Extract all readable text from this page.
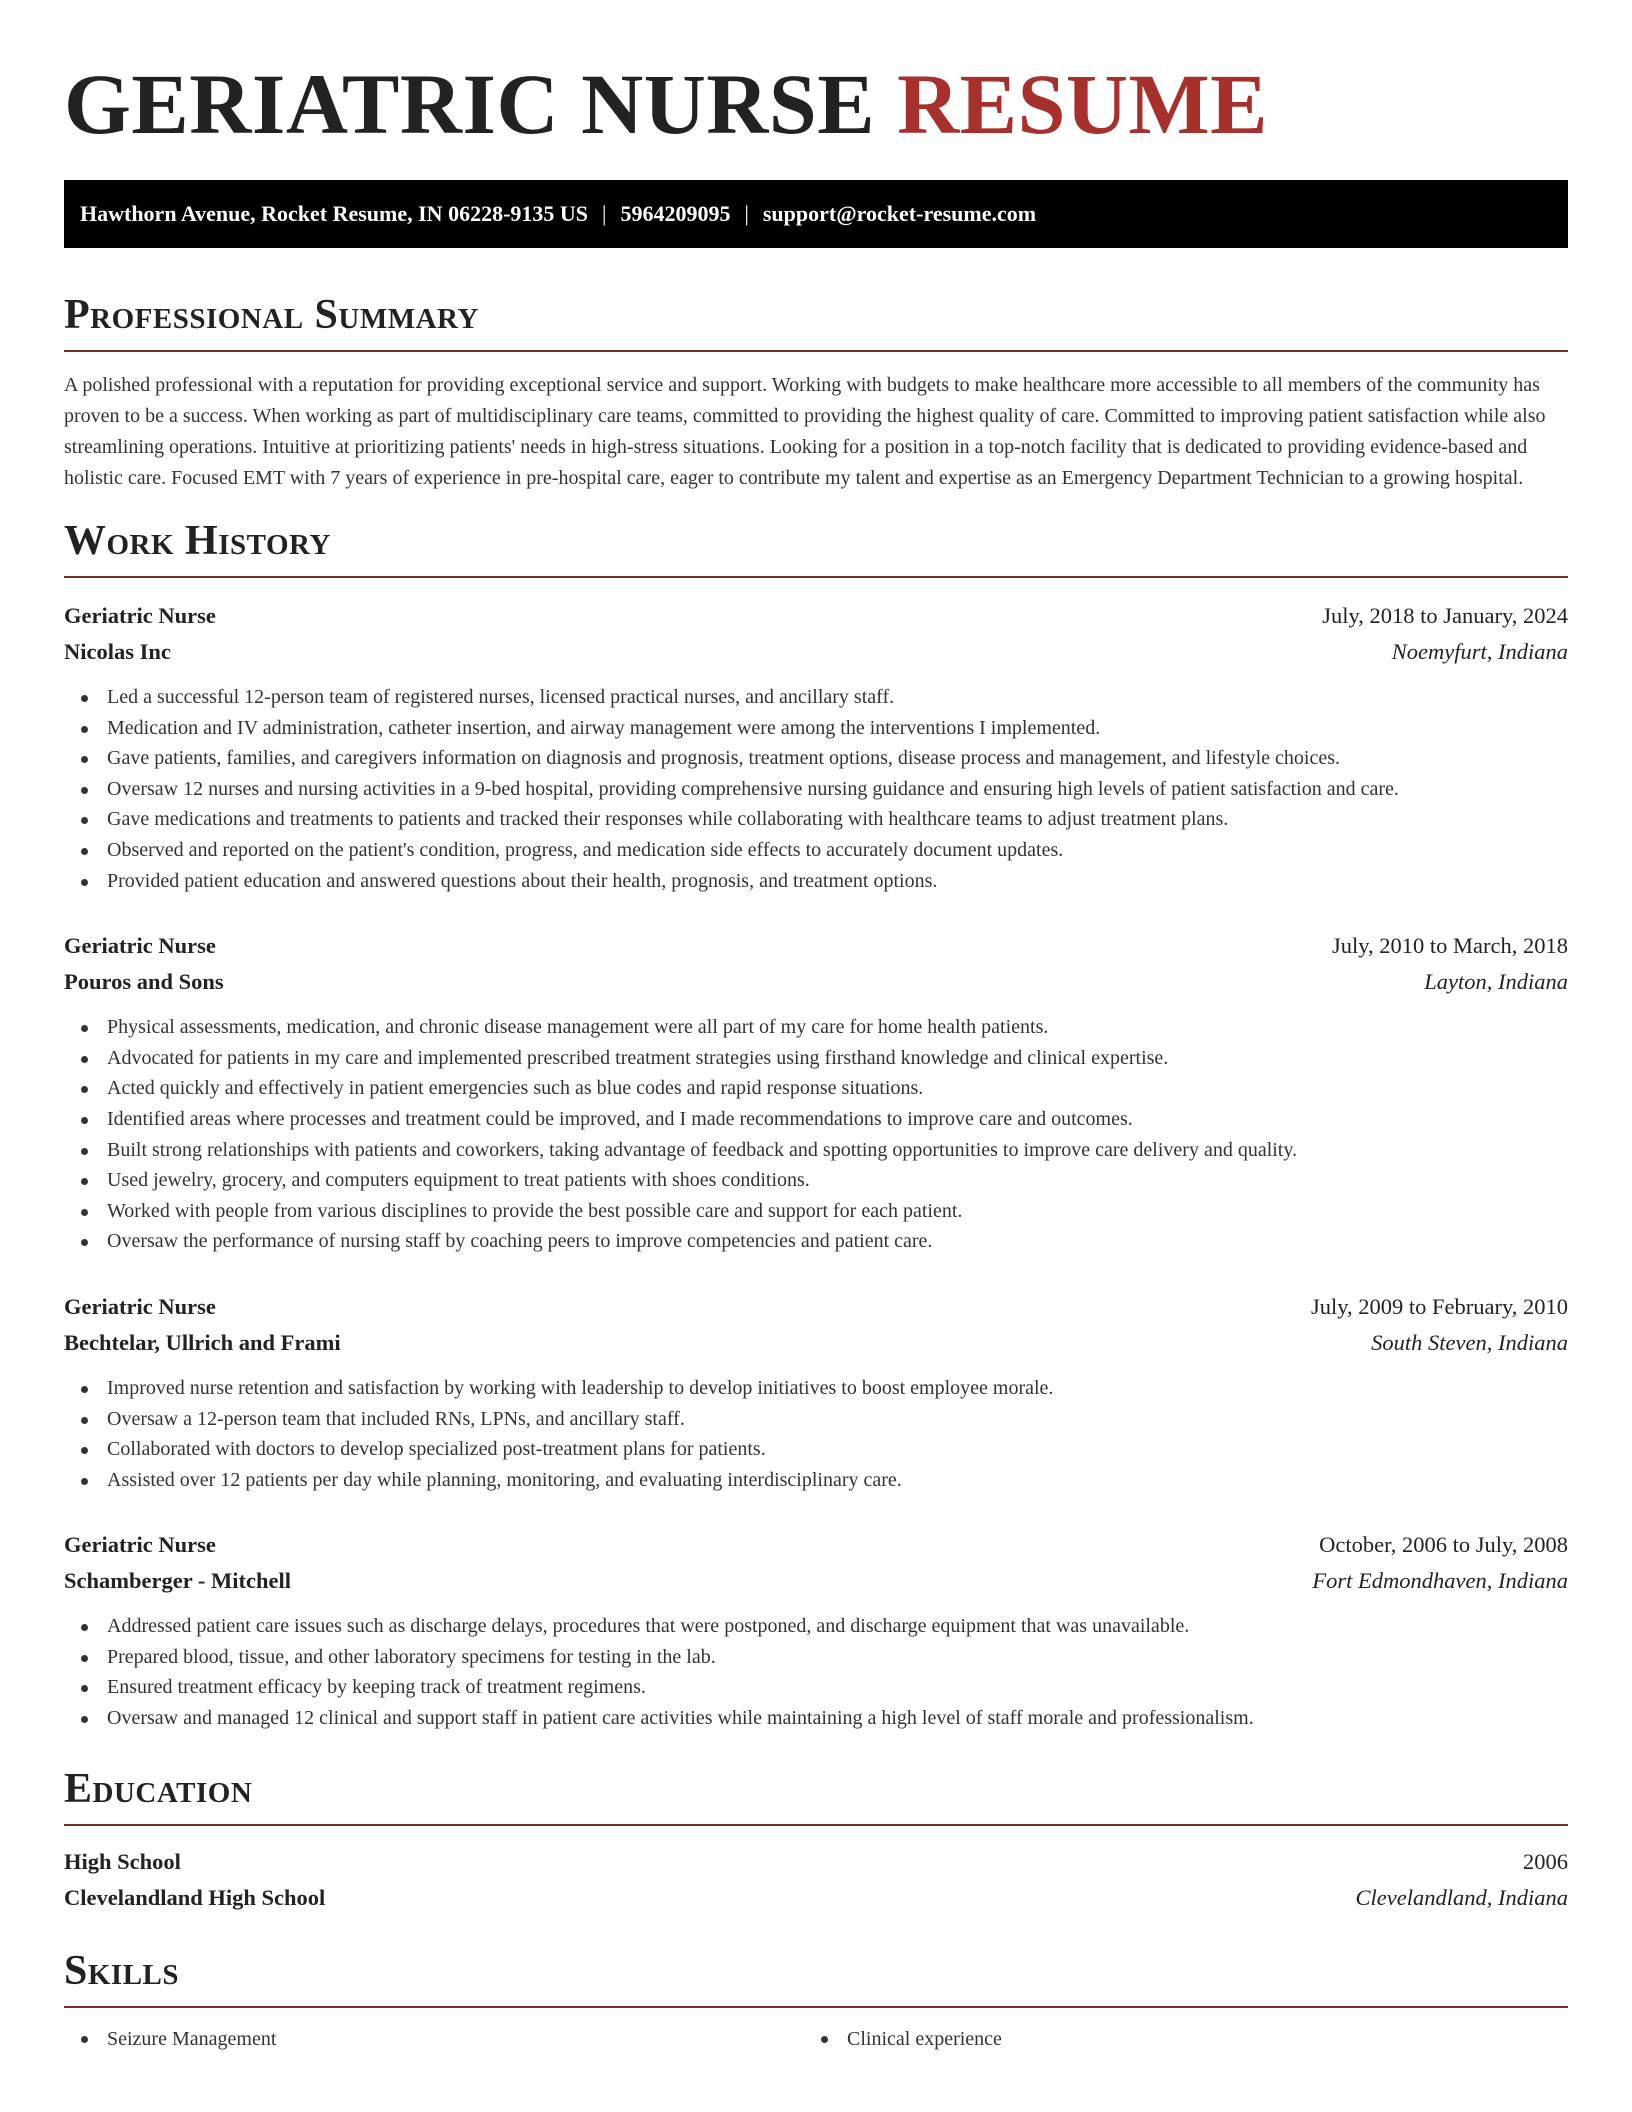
GERIATRIC NURSE RESUME
Hawthorn Avenue, Rocket Resume, IN 06228-9135 US | 5964209095 | support@rocket-resume.com
Professional Summary

A polished professional with a reputation for providing exceptional service and support. Working with budgets to make healthcare more accessible to all members of the community has proven to be a success. When working as part of multidisciplinary care teams, committed to providing the highest quality of care. Committed to improving patient satisfaction while also streamlining operations. Intuitive at prioritizing patients' needs in high-stress situations. Looking for a position in a top-notch facility that is dedicated to providing evidence-based and holistic care. Focused EMT with 7 years of experience in pre-hospital care, eager to contribute my talent and expertise as an Emergency Department Technician to a growing hospital.

Work History
Geriatric Nurse	July, 2018 to January, 2024
Nicolas Inc	Noemyfurt, Indiana
Led a successful 12-person team of registered nurses, licensed practical nurses, and ancillary staff.
Medication and IV administration, catheter insertion, and airway management were among the interventions I implemented.
Gave patients, families, and caregivers information on diagnosis and prognosis, treatment options, disease process and management, and lifestyle choices.
Oversaw 12 nurses and nursing activities in a 9-bed hospital, providing comprehensive nursing guidance and ensuring high levels of patient satisfaction and care.
Gave medications and treatments to patients and tracked their responses while collaborating with healthcare teams to adjust treatment plans.
Observed and reported on the patient's condition, progress, and medication side effects to accurately document updates.
Provided patient education and answered questions about their health, prognosis, and treatment options.
Geriatric Nurse	July, 2010 to March, 2018
Pouros and Sons	Layton, Indiana
Physical assessments, medication, and chronic disease management were all part of my care for home health patients.
Advocated for patients in my care and implemented prescribed treatment strategies using firsthand knowledge and clinical expertise.
Acted quickly and effectively in patient emergencies such as blue codes and rapid response situations.
Identified areas where processes and treatment could be improved, and I made recommendations to improve care and outcomes.
Built strong relationships with patients and coworkers, taking advantage of feedback and spotting opportunities to improve care delivery and quality.
Used jewelry, grocery, and computers equipment to treat patients with shoes conditions.
Worked with people from various disciplines to provide the best possible care and support for each patient.
Oversaw the performance of nursing staff by coaching peers to improve competencies and patient care.
Geriatric Nurse	July, 2009 to February, 2010
Bechtelar, Ullrich and Frami	South Steven, Indiana
Improved nurse retention and satisfaction by working with leadership to develop initiatives to boost employee morale.
Oversaw a 12-person team that included RNs, LPNs, and ancillary staff.
Collaborated with doctors to develop specialized post-treatment plans for patients.
Assisted over 12 patients per day while planning, monitoring, and evaluating interdisciplinary care.
Geriatric Nurse	October, 2006 to July, 2008
Schamberger - Mitchell	Fort Edmondhaven, Indiana
Addressed patient care issues such as discharge delays, procedures that were postponed, and discharge equipment that was unavailable.
Prepared blood, tissue, and other laboratory specimens for testing in the lab.
Ensured treatment efficacy by keeping track of treatment regimens.
Oversaw and managed 12 clinical and support staff in patient care activities while maintaining a high level of staff morale and professionalism.
Education
High School	2006
Clevelandland High School	Clevelandland, Indiana
Skills
Seizure Management	Clinical experience
